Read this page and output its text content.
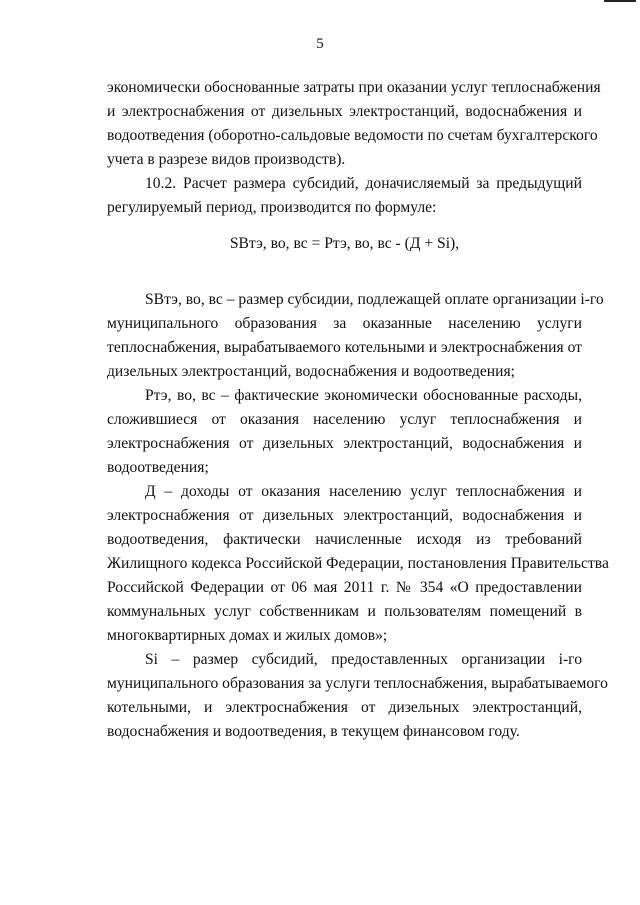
5
экономически обоснованные затраты при оказании услуг теплоснабжения
и электроснабжения от дизельных электростанций, водоснабжения и
водоотведения (оборотно-сальдовые ведомости по счетам бухгалтерского
учета в разрезе видов производств).
10.2. Расчет размера субсидий, доначисляемый за предыдущий
регулируемый период, производится по формуле:
SBтэ, во, вс = Pтэ, во, вс - (Д + Si),
SBтэ, во, вс – размер субсидии, подлежащей оплате организации i-го
муниципального образования за оказанные населению услуги
теплоснабжения, вырабатываемого котельными и электроснабжения от
дизельных электростанций, водоснабжения и водоотведения;
Pтэ, во, вс – фактические экономически обоснованные расходы,
сложившиеся от оказания населению услуг теплоснабжения и
электроснабжения от дизельных электростанций, водоснабжения и
водоотведения;
Д – доходы от оказания населению услуг теплоснабжения и
электроснабжения от дизельных электростанций, водоснабжения и
водоотведения, фактически начисленные исходя из требований
Жилищного кодекса Российской Федерации, постановления Правительства
Российской Федерации от 06 мая 2011 г. № 354 «О предоставлении
коммунальных услуг собственникам и пользователям помещений в
многоквартирных домах и жилых домов»;
Si – размер субсидий, предоставленных организации i-го
муниципального образования за услуги теплоснабжения, вырабатываемого
котельными, и электроснабжения от дизельных электростанций,
водоснабжения и водоотведения, в текущем финансовом году.
